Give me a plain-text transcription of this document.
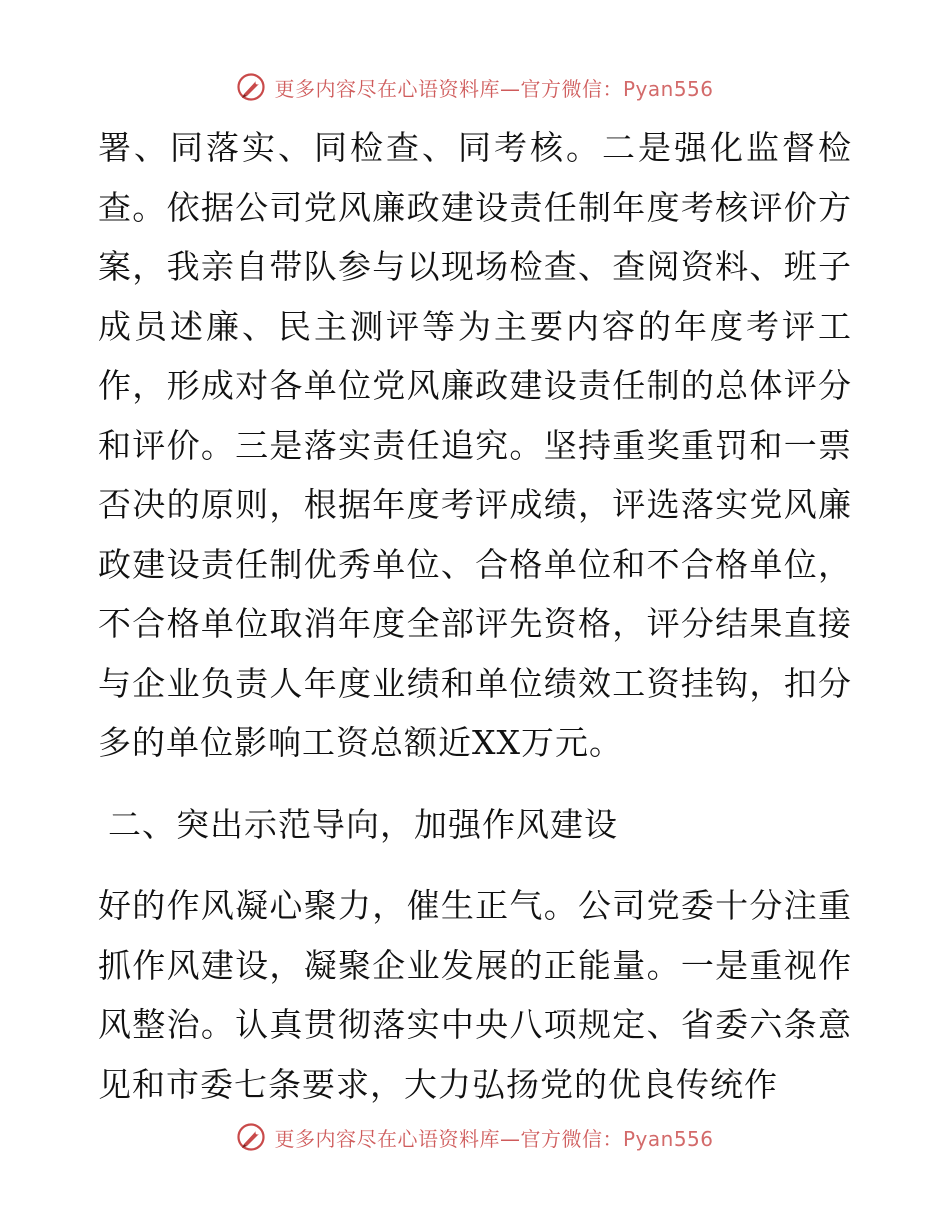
更多内容尽在心语资料库—官方微信：Pyan556

署、同落实、同检查、同考核。二是强化监督检查。依据公司党风廉政建设责任制年度考核评价方案，我亲自带队参与以现场检查、查阅资料、班子成员述廉、民主测评等为主要内容的年度考评工作，形成对各单位党风廉政建设责任制的总体评分和评价。三是落实责任追究。坚持重奖重罚和一票否决的原则，根据年度考评成绩，评选落实党风廉政建设责任制优秀单位、合格单位和不合格单位，不合格单位取消年度全部评先资格，评分结果直接与企业负责人年度业绩和单位绩效工资挂钩，扣分多的单位影响工资总额近XX万元。

二、突出示范导向，加强作风建设

好的作风凝心聚力，催生正气。公司党委十分注重抓作风建设，凝聚企业发展的正能量。一是重视作风整治。认真贯彻落实中央八项规定、省委六条意见和市委七条要求，大力弘扬党的优良传统作

更多内容尽在心语资料库—官方微信：Pyan556
